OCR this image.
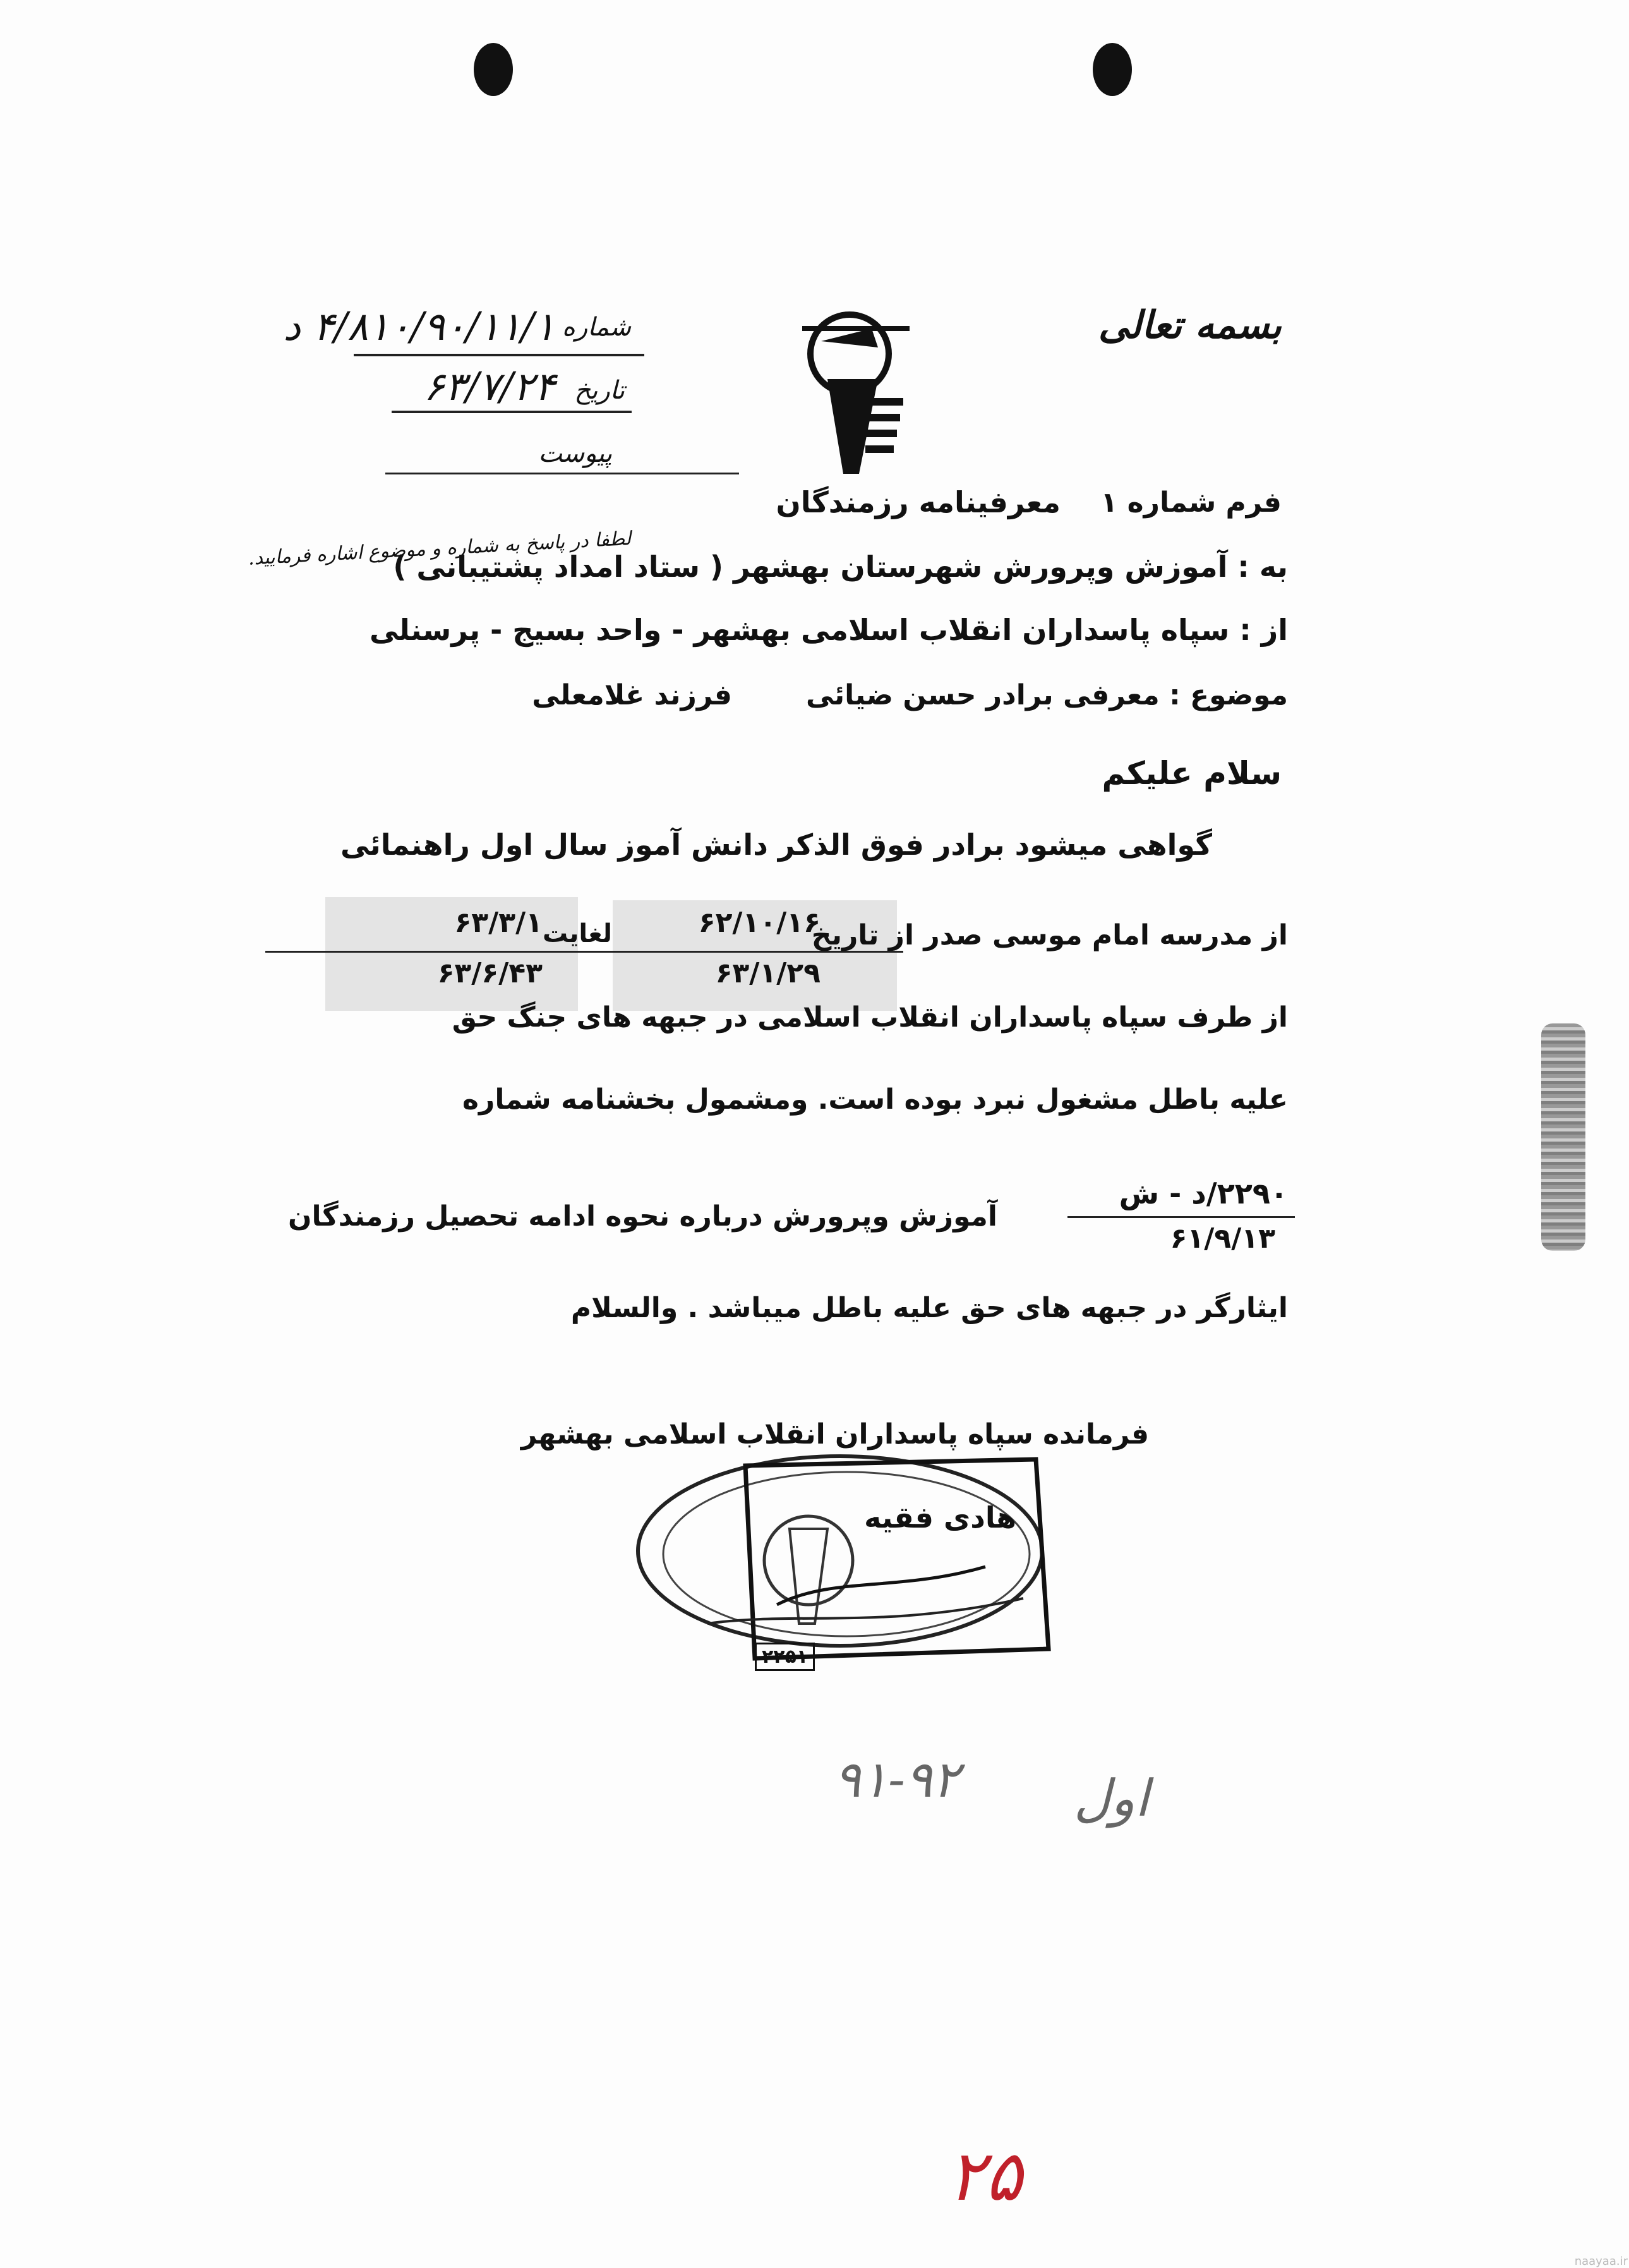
بسمه تعالی
شماره
۴/۸۱۰/۹۰/۱۱/۱ د
تاریخ
۶۳/۷/۲۴
پیوست
فرم شماره ۱
معرفینامه رزمندگان
لطفا در پاسخ به شماره و موضوع اشاره فرمایید.
به : آموزش وپرورش شهرستان بهشهر ( ستاد امداد پشتیبانی )
از : سپاه پاسداران انقلاب اسلامی بهشهر - واحد بسیج - پرسنلی
موضوع : معرفی برادر حسن ضیائی
فرزند غلامعلی
سلام علیکم
گواهی میشود برادر فوق الذکر دانش آموز سال اول راهنمائی
از مدرسه امام موسی صدر از تاریخ
۶۲/۱۰/۱۶
لغایت
۶۳/۳/۱
۶۳/۱/۲۹
۶۳/۶/۴۳
از طرف سپاه پاسداران انقلاب اسلامی در جبهه های جنگ حق
علیه باطل مشغول نبرد بوده است. ومشمول بخشنامه شماره
۲۲۹۰/د - ش
۶۱/۹/۱۳
آموزش وپرورش درباره نحوه ادامه تحصیل رزمندگان
ایثارگر در جبهه های حق علیه باطل میباشد . والسلام
فرمانده سپاه پاسداران انقلاب اسلامی بهشهر
هادی فقیه
۲۲۵۱
۹۱-۹۲ اول
۲۵
naayaa.ir
